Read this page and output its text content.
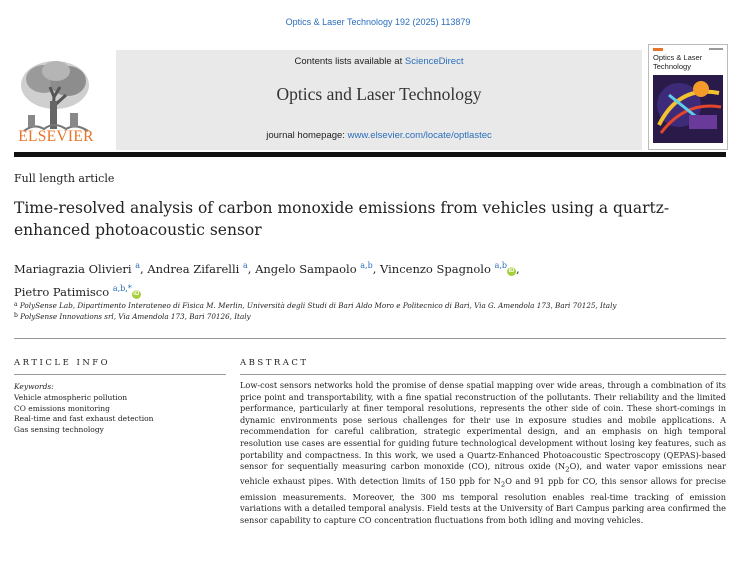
Optics & Laser Technology 192 (2025) 113879
ELSEVIER
Contents lists available at ScienceDirect
Optics and Laser Technology
journal homepage: www.elsevier.com/locate/optlastec
Optics & Laser Technology
Full length article
Time-resolved analysis of carbon monoxide emissions from vehicles using a quartz-enhanced photoacoustic sensor
Mariagrazia Olivieri $^a$, Andrea Zifarelli $^a$, Angelo Sampaolo $^{a,b}$, Vincenzo Spagnolo $^{a,b}$iD ,
Pietro Patimisco $^{a,b,*}$iD
$^a$ PolySense Lab, Dipartimento Interateneo di Fisica M. Merlin, Università degli Studi di Bari Aldo Moro e Politecnico di Bari, Via G. Amendola 173, Bari 70125, Italy
$^b$ PolySense Innovations srl, Via Amendola 173, Bari 70126, Italy
ARTICLE INFO	ABSTRACT
Keywords:
Vehicle atmospheric pollution
CO emissions monitoring
Real-time and fast exhaust detection
Gas sensing technology
Low-cost sensors networks hold the promise of dense spatial mapping over wide areas, through a combination of its price point and transportability, with a fine spatial reconstruction of the pollutants. Their reliability and the limited performance, particularly at finer temporal resolutions, represents the other side of coin. These short-comings in dynamic environments pose serious challenges for their use in exposure studies and mobile applications. A recommendation for careful calibration, strategic experimental design, and an emphasis on high temporal resolution use cases are essential for guiding future technological development without losing key features, such as portability and compactness. In this work, we used a Quartz-Enhanced Photoacoustic Spectroscopy (QEPAS)-based sensor for sequentially measuring carbon monoxide (CO), nitrous oxide $(N_2O)$, and water vapor emissions near vehicle exhaust pipes. With detection limits of 150 ppb for $N_2O$ and 91 ppb for CO, this sensor allows for precise emission measurements. Moreover, the 300 ms temporal resolution enables real-time tracking of emission variations with a detailed temporal analysis. Field tests at the University of Bari Campus parking area confirmed the sensor capability to capture CO concentration fluctuations from both idling and moving vehicles.
